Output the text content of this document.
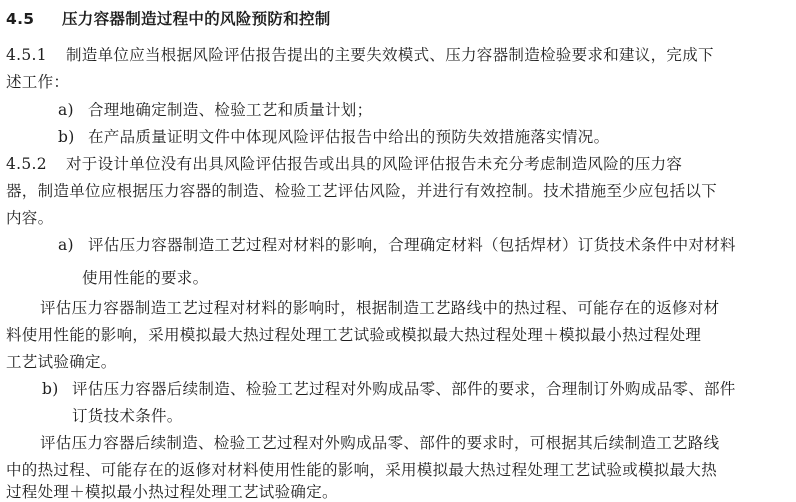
4.5 压力容器制造过程中的风险预防和控制
4.5.1 制造单位应当根据风险评估报告提出的主要失效模式、压力容器制造检验要求和建议，完成下
述工作：
a) 合理地确定制造、检验工艺和质量计划；
b) 在产品质量证明文件中体现风险评估报告中给出的预防失效措施落实情况。
4.5.2 对于设计单位没有出具风险评估报告或出具的风险评估报告未充分考虑制造风险的压力容
器，制造单位应根据压力容器的制造、检验工艺评估风险，并进行有效控制。技术措施至少应包括以下
内容。
a) 评估压力容器制造工艺过程对材料的影响，合理确定材料（包括焊材）订货技术条件中对材料
使用性能的要求。
评估压力容器制造工艺过程对材料的影响时，根据制造工艺路线中的热过程、可能存在的返修对材
料使用性能的影响，采用模拟最大热过程处理工艺试验或模拟最大热过程处理＋模拟最小热过程处理
工艺试验确定。
b) 评估压力容器后续制造、检验工艺过程对外购成品零、部件的要求，合理制订外购成品零、部件
订货技术条件。
评估压力容器后续制造、检验工艺过程对外购成品零、部件的要求时，可根据其后续制造工艺路线
中的热过程、可能存在的返修对材料使用性能的影响，采用模拟最大热过程处理工艺试验或模拟最大热
过程处理＋模拟最小热过程处理工艺试验确定。
